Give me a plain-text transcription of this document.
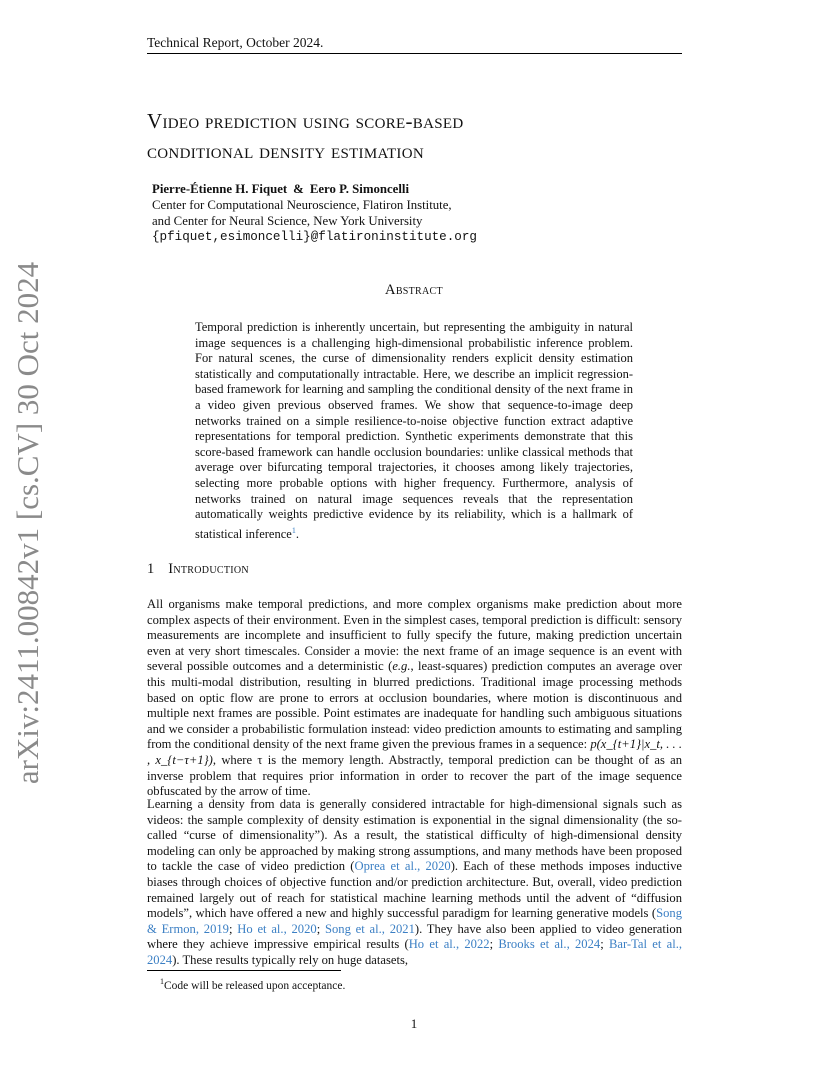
Technical Report, October 2024.
Video prediction using score-based
conditional density estimation
Pierre-Étienne H. Fiquet & Eero P. Simoncelli
Center for Computational Neuroscience, Flatiron Institute,
and Center for Neural Science, New York University
{pfiquet,esimoncelli}@flatironinstitute.org
arXiv:2411.00842v1 [cs.CV] 30 Oct 2024	Abstract
Temporal prediction is inherently uncertain, but representing the ambiguity in natural image sequences is a challenging high-dimensional probabilistic inference problem. For natural scenes, the curse of dimensionality renders explicit density estimation statistically and computationally intractable. Here, we describe an implicit regression-based framework for learning and sampling the conditional density of the next frame in a video given previous observed frames. We show that sequence-to-image deep networks trained on a simple resilience-to-noise objective function extract adaptive representations for temporal prediction. Synthetic experiments demonstrate that this score-based framework can handle occlusion boundaries: unlike classical methods that average over bifurcating temporal trajectories, it chooses among likely trajectories, selecting more probable options with higher frequency. Furthermore, analysis of networks trained on natural image sequences reveals that the representation automatically weights predictive evidence by its reliability, which is a hallmark of statistical inference$^1$.
1 Introduction
All organisms make temporal predictions, and more complex organisms make prediction about more complex aspects of their environment. Even in the simplest cases, temporal prediction is difficult: sensory measurements are incomplete and insufficient to fully specify the future, making prediction uncertain even at very short timescales. Consider a movie: the next frame of an image sequence is an event with several possible outcomes and a deterministic (e.g., least-squares) prediction computes an average over this multi-modal distribution, resulting in blurred predictions. Traditional image processing methods based on optic flow are prone to errors at occlusion boundaries, where motion is discontinuous and multiple next frames are possible. Point estimates are inadequate for handling such ambiguous situations and we consider a probabilistic formulation instead: video prediction amounts to estimating and sampling from the conditional density of the next frame given the previous frames in a sequence: p(x_{t+1}|x_t, . . . , x_{t−τ+1}), where τ is the memory length. Abstractly, temporal prediction can be thought of as an inverse problem that requires prior information in order to recover the part of the image sequence obfuscated by the arrow of time.
Learning a density from data is generally considered intractable for high-dimensional signals such as videos: the sample complexity of density estimation is exponential in the signal dimensionality (the so-called “curse of dimensionality”). As a result, the statistical difficulty of high-dimensional density modeling can only be approached by making strong assumptions, and many methods have been proposed to tackle the case of video prediction (Oprea et al., 2020). Each of these methods imposes inductive biases through choices of objective function and/or prediction architecture. But, overall, video prediction remained largely out of reach for statistical machine learning methods until the advent of “diffusion models”, which have offered a new and highly successful paradigm for learning generative models (Song & Ermon, 2019; Ho et al., 2020; Song et al., 2021). They have also been applied to video generation where they achieve impressive empirical results (Ho et al., 2022; Brooks et al., 2024; Bar-Tal et al., 2024). These results typically rely on huge datasets,
$^1$Code will be released upon acceptance.
1
